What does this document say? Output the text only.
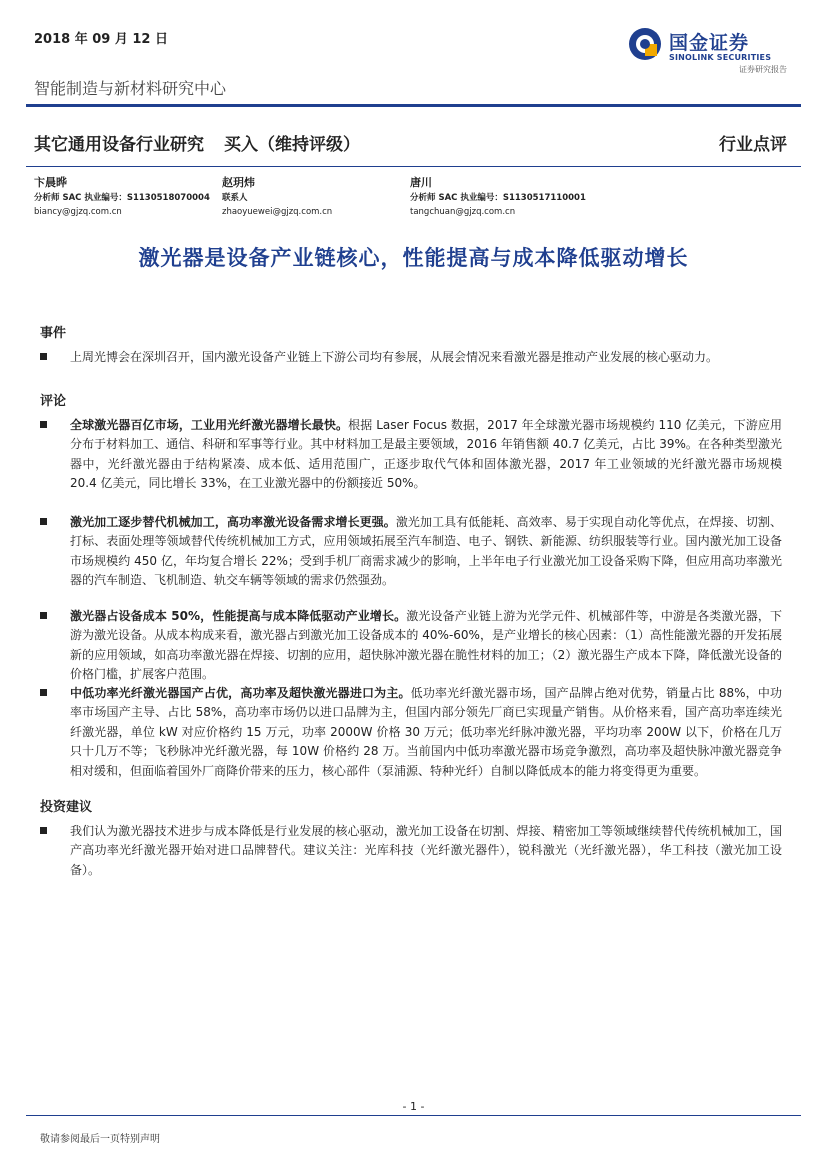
2018 年 09 月 12 日
智能制造与新材料研究中心
国金证券
SINOLINK SECURITIES
证券研究报告
其它通用设备行业研究 买入（维持评级）	行业点评
卞晨晔
分析师 SAC 执业编号：S1130518070004
biancy@gjzq.com.cn
赵玥炜
联系人
zhaoyuewei@gjzq.com.cn
唐川
分析师 SAC 执业编号：S1130517110001
tangchuan@gjzq.com.cn
激光器是设备产业链核心，性能提高与成本降低驱动增长
事件
上周光博会在深圳召开，国内激光设备产业链上下游公司均有参展，从展会情况来看激光器是推动产业发展的核心驱动力。
评论
全球激光器百亿市场，工业用光纤激光器增长最快。根据 Laser Focus 数据，2017 年全球激光器市场规模约 110 亿美元，下游应用分布于材料加工、通信、科研和军事等行业。其中材料加工是最主要领域，2016 年销售额 40.7 亿美元，占比 39%。在各种类型激光器中，光纤激光器由于结构紧凑、成本低、适用范围广，正逐步取代气体和固体激光器，2017 年工业领域的光纤激光器市场规模 20.4 亿美元，同比增长 33%，在工业激光器中的份额接近 50%。
激光加工逐步替代机械加工，高功率激光设备需求增长更强。激光加工具有低能耗、高效率、易于实现自动化等优点，在焊接、切割、打标、表面处理等领域替代传统机械加工方式，应用领域拓展至汽车制造、电子、钢铁、新能源、纺织服装等行业。国内激光加工设备市场规模约 450 亿，年均复合增长 22%；受到手机厂商需求减少的影响，上半年电子行业激光加工设备采购下降，但应用高功率激光器的汽车制造、飞机制造、轨交车辆等领域的需求仍然强劲。
激光器占设备成本 50%，性能提高与成本降低驱动产业增长。激光设备产业链上游为光学元件、机械部件等，中游是各类激光器，下游为激光设备。从成本构成来看，激光器占到激光加工设备成本的 40%-60%，是产业增长的核心因素：（1）高性能激光器的开发拓展新的应用领域，如高功率激光器在焊接、切割的应用，超快脉冲激光器在脆性材料的加工；（2）激光器生产成本下降，降低激光设备的价格门槛，扩展客户范围。
中低功率光纤激光器国产占优，高功率及超快激光器进口为主。低功率光纤激光器市场，国产品牌占绝对优势，销量占比 88%，中功率市场国产主导、占比 58%，高功率市场仍以进口品牌为主，但国内部分领先厂商已实现量产销售。从价格来看，国产高功率连续光纤激光器，单位 kW 对应价格约 15 万元，功率 2000W 价格 30 万元；低功率光纤脉冲激光器，平均功率 200W 以下，价格在几万只十几万不等；飞秒脉冲光纤激光器，每 10W 价格约 28 万。当前国内中低功率激光器市场竞争激烈，高功率及超快脉冲激光器竞争相对缓和，但面临着国外厂商降价带来的压力，核心部件（泵浦源、特种光纤）自制以降低成本的能力将变得更为重要。
投资建议
我们认为激光器技术进步与成本降低是行业发展的核心驱动，激光加工设备在切割、焊接、精密加工等领域继续替代传统机械加工，国产高功率光纤激光器开始对进口品牌替代。建议关注：光库科技（光纤激光器件），锐科激光（光纤激光器），华工科技（激光加工设备）。
- 1 -
敬请参阅最后一页特别声明
